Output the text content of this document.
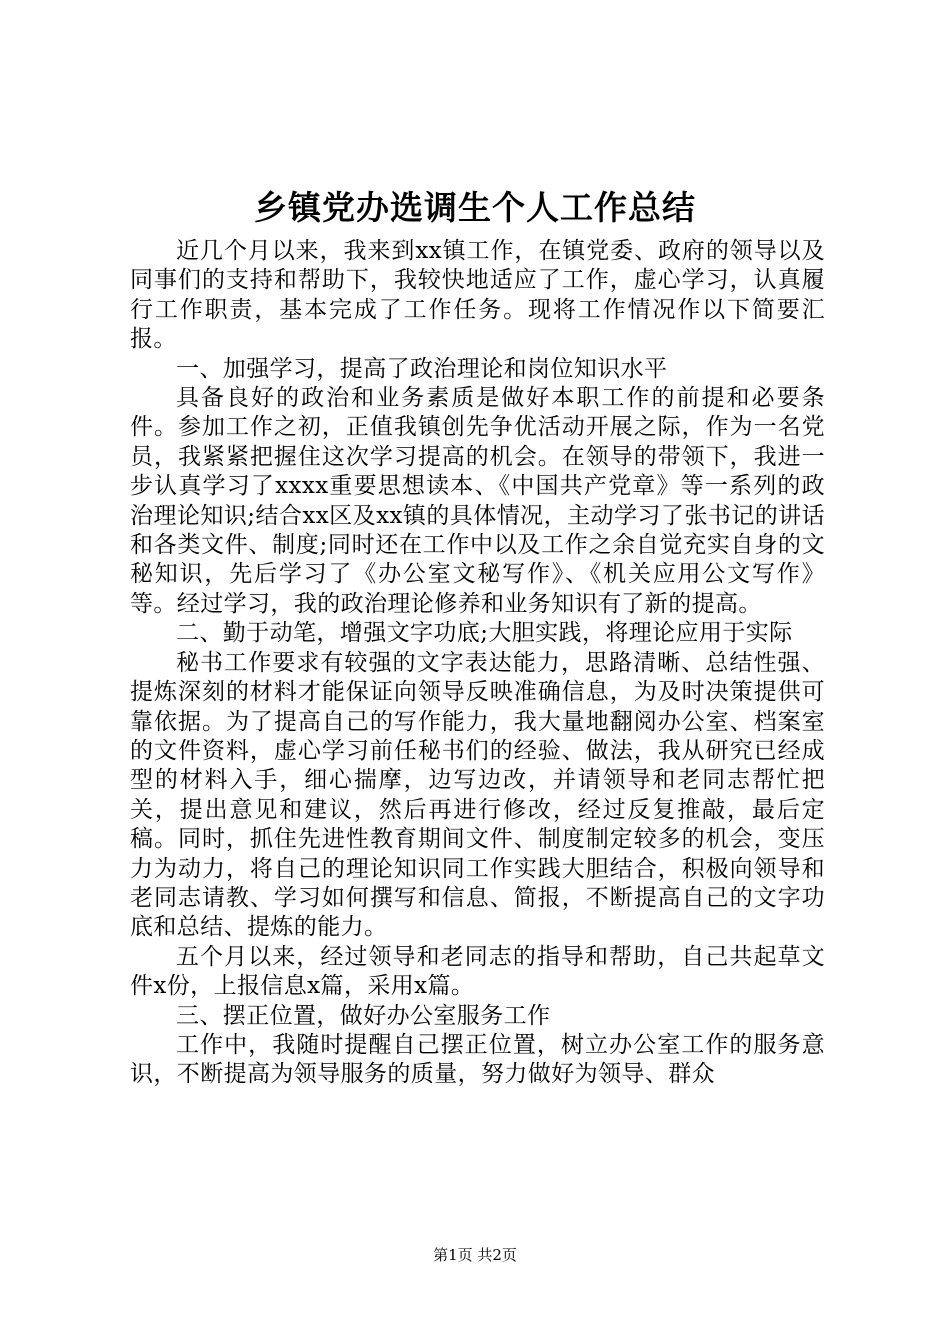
乡镇党办选调生个人工作总结

近几个月以来，我来到xx镇工作，在镇党委、政府的领导以及同事们的支持和帮助下，我较快地适应了工作，虚心学习，认真履行工作职责，基本完成了工作任务。现将工作情况作以下简要汇报。

一、加强学习，提高了政治理论和岗位知识水平

具备良好的政治和业务素质是做好本职工作的前提和必要条件。参加工作之初，正值我镇创先争优活动开展之际，作为一名党员，我紧紧把握住这次学习提高的机会。在领导的带领下，我进一步认真学习了xxxx重要思想读本、《中国共产党章》等一系列的政治理论知识;结合xx区及xx镇的具体情况，主动学习了张书记的讲话和各类文件、制度;同时还在工作中以及工作之余自觉充实自身的文秘知识，先后学习了《办公室文秘写作》、《机关应用公文写作》等。经过学习，我的政治理论修养和业务知识有了新的提高。

二、勤于动笔，增强文字功底;大胆实践，将理论应用于实际

秘书工作要求有较强的文字表达能力，思路清晰、总结性强、提炼深刻的材料才能保证向领导反映准确信息，为及时决策提供可靠依据。为了提高自己的写作能力，我大量地翻阅办公室、档案室的文件资料，虚心学习前任秘书们的经验、做法，我从研究已经成型的材料入手，细心揣摩，边写边改，并请领导和老同志帮忙把关，提出意见和建议，然后再进行修改，经过反复推敲，最后定稿。同时，抓住先进性教育期间文件、制度制定较多的机会，变压力为动力，将自己的理论知识同工作实践大胆结合，积极向领导和老同志请教、学习如何撰写和信息、简报，不断提高自己的文字功底和总结、提炼的能力。

五个月以来，经过领导和老同志的指导和帮助，自己共起草文件x份，上报信息x篇，采用x篇。

三、摆正位置，做好办公室服务工作

工作中，我随时提醒自己摆正位置，树立办公室工作的服务意识，不断提高为领导服务的质量，努力做好为领导、群众

第1页 共2页
